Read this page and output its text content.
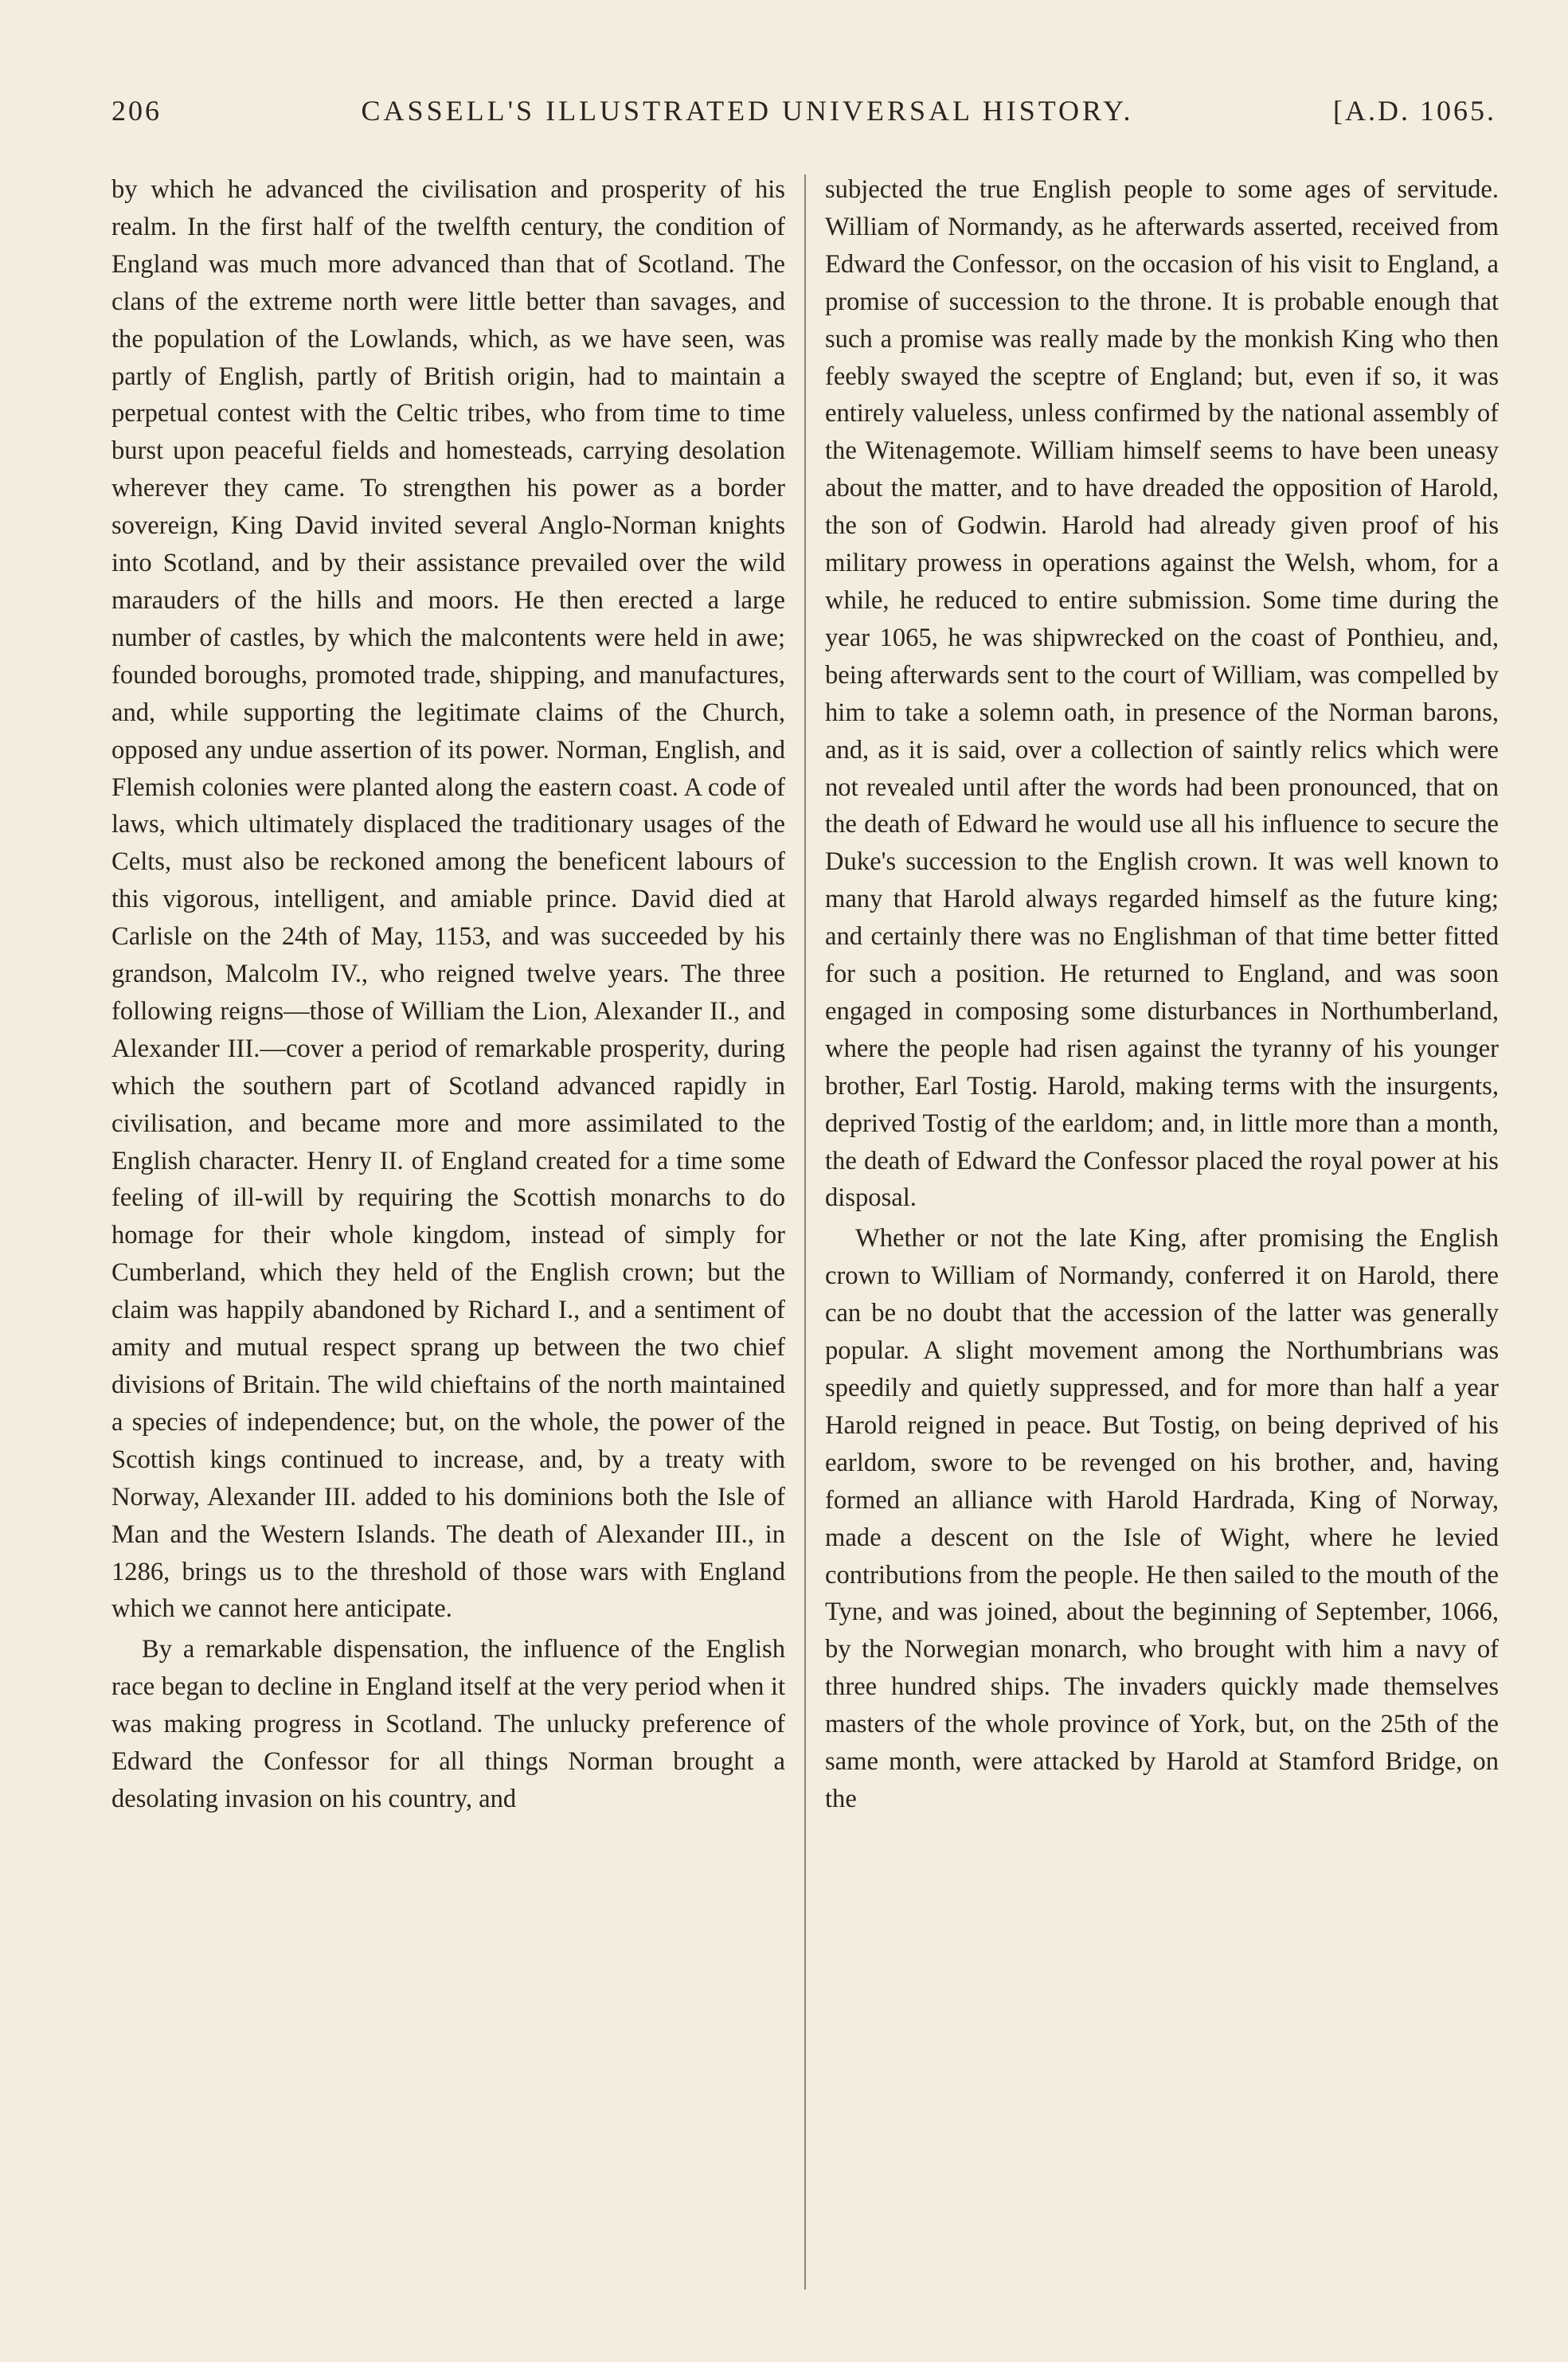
206	CASSELL'S ILLUSTRATED UNIVERSAL HISTORY.	[A.D. 1065.

by which he advanced the civilisation and prosperity of his realm. In the first half of the twelfth century, the condition of England was much more advanced than that of Scotland. The clans of the extreme north were little better than savages, and the population of the Lowlands, which, as we have seen, was partly of English, partly of British origin, had to maintain a perpetual contest with the Celtic tribes, who from time to time burst upon peaceful fields and homesteads, carrying desolation wherever they came. To strengthen his power as a border sovereign, King David invited several Anglo-Norman knights into Scotland, and by their assistance prevailed over the wild marauders of the hills and moors. He then erected a large number of castles, by which the malcontents were held in awe; founded boroughs, promoted trade, shipping, and manufactures, and, while supporting the legitimate claims of the Church, opposed any undue assertion of its power. Norman, English, and Flemish colonies were planted along the eastern coast. A code of laws, which ultimately displaced the traditionary usages of the Celts, must also be reckoned among the beneficent labours of this vigorous, intelligent, and amiable prince. David died at Carlisle on the 24th of May, 1153, and was succeeded by his grandson, Malcolm IV., who reigned twelve years. The three following reigns—those of William the Lion, Alexander II., and Alexander III.—cover a period of remarkable prosperity, during which the southern part of Scotland advanced rapidly in civilisation, and became more and more assimilated to the English character. Henry II. of England created for a time some feeling of ill-will by requiring the Scottish monarchs to do homage for their whole kingdom, instead of simply for Cumberland, which they held of the English crown; but the claim was happily abandoned by Richard I., and a sentiment of amity and mutual respect sprang up between the two chief divisions of Britain. The wild chieftains of the north maintained a species of independence; but, on the whole, the power of the Scottish kings continued to increase, and, by a treaty with Norway, Alexander III. added to his dominions both the Isle of Man and the Western Islands. The death of Alexander III., in 1286, brings us to the threshold of those wars with England which we cannot here anticipate.

By a remarkable dispensation, the influence of the English race began to decline in England itself at the very period when it was making progress in Scotland. The unlucky preference of Edward the Confessor for all things Norman brought a desolating invasion on his country, and

subjected the true English people to some ages of servitude. William of Normandy, as he afterwards asserted, received from Edward the Confessor, on the occasion of his visit to England, a promise of succession to the throne. It is probable enough that such a promise was really made by the monkish King who then feebly swayed the sceptre of England; but, even if so, it was entirely valueless, unless confirmed by the national assembly of the Witenagemote. William himself seems to have been uneasy about the matter, and to have dreaded the opposition of Harold, the son of Godwin. Harold had already given proof of his military prowess in operations against the Welsh, whom, for a while, he reduced to entire submission. Some time during the year 1065, he was shipwrecked on the coast of Ponthieu, and, being afterwards sent to the court of William, was compelled by him to take a solemn oath, in presence of the Norman barons, and, as it is said, over a collection of saintly relics which were not revealed until after the words had been pronounced, that on the death of Edward he would use all his influence to secure the Duke's succession to the English crown. It was well known to many that Harold always regarded himself as the future king; and certainly there was no Englishman of that time better fitted for such a position. He returned to England, and was soon engaged in composing some disturbances in Northumberland, where the people had risen against the tyranny of his younger brother, Earl Tostig. Harold, making terms with the insurgents, deprived Tostig of the earldom; and, in little more than a month, the death of Edward the Confessor placed the royal power at his disposal.

Whether or not the late King, after promising the English crown to William of Normandy, conferred it on Harold, there can be no doubt that the accession of the latter was generally popular. A slight movement among the Northumbrians was speedily and quietly suppressed, and for more than half a year Harold reigned in peace. But Tostig, on being deprived of his earldom, swore to be revenged on his brother, and, having formed an alliance with Harold Hardrada, King of Norway, made a descent on the Isle of Wight, where he levied contributions from the people. He then sailed to the mouth of the Tyne, and was joined, about the beginning of September, 1066, by the Norwegian monarch, who brought with him a navy of three hundred ships. The invaders quickly made themselves masters of the whole province of York, but, on the 25th of the same month, were attacked by Harold at Stamford Bridge, on the
